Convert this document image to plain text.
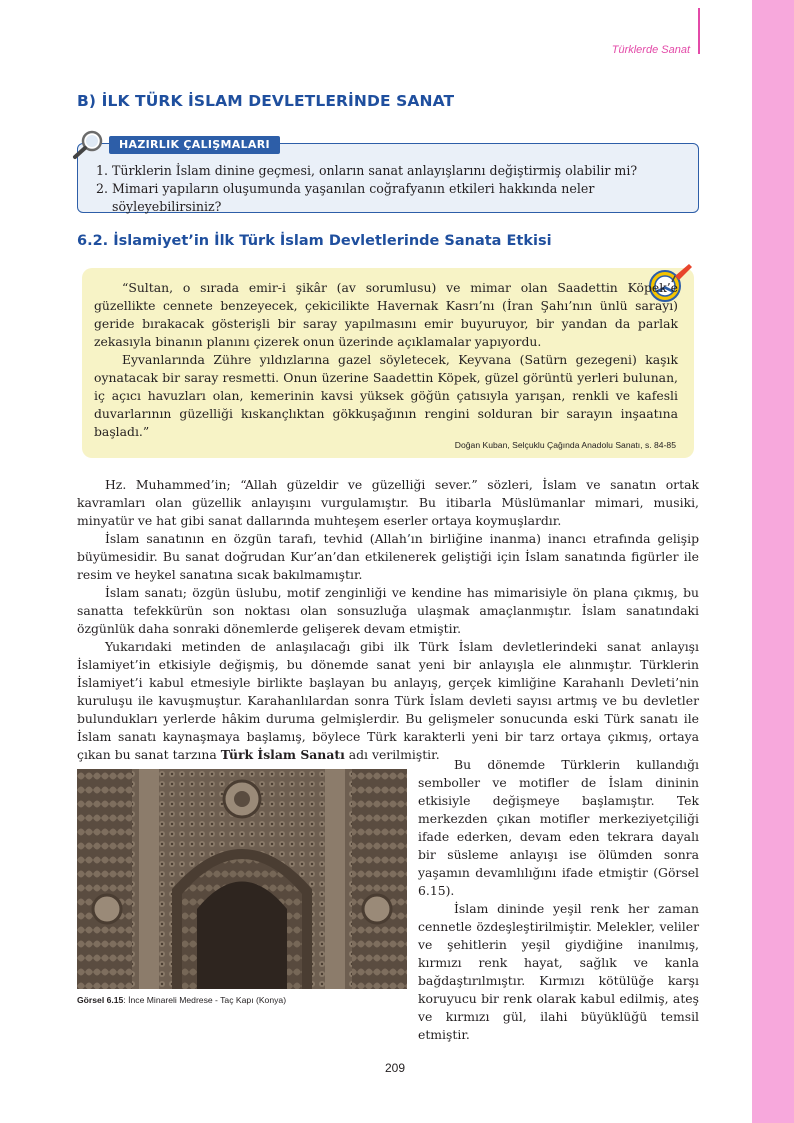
Türklerde Sanat
B) İLK TÜRK İSLAM DEVLETLERİNDE SANAT
HAZIRLIK ÇALIŞMALARI
1. Türklerin İslam dinine geçmesi, onların sanat anlayışlarını değiştirmiş olabilir mi?
2. Mimari yapıların oluşumunda yaşanılan coğrafyanın etkileri hakkında neler söyleyebilirsiniz?
6.2. İslamiyet’in İlk Türk İslam Devletlerinde Sanata Etkisi

“Sultan, o sırada emir-i şikâr (av sorumlusu) ve mimar olan Saadettin Köpek’e güzellikte cennete benzeyecek, çekicilikte Havernak Kasrı’nı (İran Şahı’nın ünlü sarayı) geride bırakacak gösterişli bir saray yapılmasını emir buyuruyor, bir yandan da parlak zekasıyla binanın planını çizerek onun üzerinde açıklamalar yapıyordu.

Eyvanlarında Zühre yıldızlarına gazel söyletecek, Keyvana (Satürn gezegeni) kaşık oynatacak bir saray resmetti. Onun üzerine Saadettin Köpek, güzel görüntü yerleri bulunan, iç açıcı havuzları olan, kemerinin kavsi yüksek göğün çatısıyla yarışan, renkli ve kafesli duvarlarının güzelliği kıskançlıktan gökkuşağının rengini solduran bir sarayın inşaatına başladı.”

Doğan Kuban, Selçuklu Çağında Anadolu Sanatı, s. 84-85

Hz. Muhammed’in; “Allah güzeldir ve güzelliği sever.” sözleri, İslam ve sanatın ortak kavramları olan güzellik anlayışını vurgulamıştır. Bu itibarla Müslümanlar mimari, musiki, minyatür ve hat gibi sanat dallarında muhteşem eserler ortaya koymuşlardır.

İslam sanatının en özgün tarafı, tevhid (Allah’ın birliğine inanma) inancı etrafında gelişip büyümesidir. Bu sanat doğrudan Kur’an’dan etkilenerek geliştiği için İslam sanatında figürler ile resim ve heykel sanatına sıcak bakılmamıştır.

İslam sanatı; özgün üslubu, motif zenginliği ve kendine has mimarisiyle ön plana çıkmış, bu sanatta tefekkürün son noktası olan sonsuzluğa ulaşmak amaçlanmıştır. İslam sanatındaki özgünlük daha sonraki dönemlerde gelişerek devam etmiştir.

Yukarıdaki metinden de anlaşılacağı gibi ilk Türk İslam devletlerindeki sanat anlayışı İslamiyet’in etkisiyle değişmiş, bu dönemde sanat yeni bir anlayışla ele alınmıştır. Türklerin İslamiyet’i kabul etmesiyle birlikte başlayan bu anlayış, gerçek kimliğine Karahanlı Devleti’nin kuruluşu ile kavuşmuştur. Karahanlılardan sonra Türk İslam devleti sayısı artmış ve bu devletler bulundukları yerlerde hâkim duruma gelmişlerdir. Bu gelişmeler sonucunda eski Türk sanatı ile İslam sanatı kaynaşmaya başlamış, böylece Türk karakterli yeni bir tarz ortaya çıkmış, ortaya çıkan bu sanat tarzına Türk İslam Sanatı adı verilmiştir.

Bu dönemde Türklerin kullandığı semboller ve motifler de İslam dininin etkisiyle değişmeye başlamıştır. Tek merkezden çıkan motifler merkeziyetçiliği ifade ederken, devam eden tekrara dayalı bir süsleme anlayışı ise ölümden sonra yaşamın devamlılığını ifade etmiştir (Görsel 6.15).

İslam dininde yeşil renk her zaman cennetle özdeşleştirilmiştir. Melekler, veliler ve şehitlerin yeşil giydiğine inanılmış, kırmızı renk hayat, sağlık ve kanla bağdaştırılmıştır. Kırmızı kötülüğe karşı koruyucu bir renk olarak kabul edilmiş, ateş ve kırmızı gül, ilahi büyüklüğü temsil etmiştir.

Görsel 6.15: İnce Minareli Medrese - Taç Kapı (Konya)
209
